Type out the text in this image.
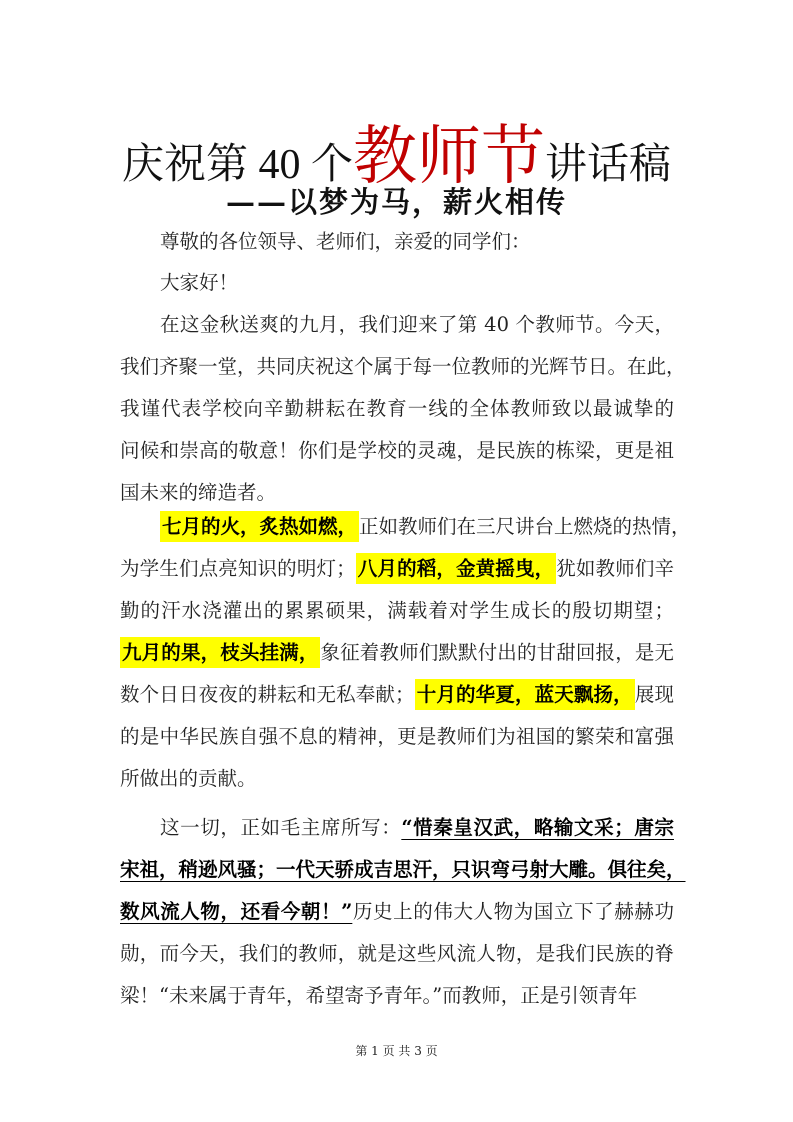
庆祝第 40 个教师节讲话稿
——以梦为马，薪火相传
尊敬的各位领导、老师们，亲爱的同学们：
大家好！
在这金秋送爽的九月，我们迎来了第 40 个教师节。今天，
我们齐聚一堂，共同庆祝这个属于每一位教师的光辉节日。在此，
我谨代表学校向辛勤耕耘在教育一线的全体教师致以最诚挚的
问候和崇高的敬意！你们是学校的灵魂，是民族的栋梁，更是祖
国未来的缔造者。
七月的火，炙热如燃， 正如教师们在三尺讲台上燃烧的热情，
为学生们点亮知识的明灯； 八月的稻，金黄摇曳， 犹如教师们辛
勤的汗水浇灌出的累累硕果，满载着对学生成长的殷切期望；
九月的果，枝头挂满， 象征着教师们默默付出的甘甜回报，是无
数个日日夜夜的耕耘和无私奉献； 十月的华夏，蓝天飘扬， 展现
的是中华民族自强不息的精神，更是教师们为祖国的繁荣和富强
所做出的贡献。
这一切，正如毛主席所写：“惜秦皇汉武，略输文采；唐宗
宋祖，稍逊风骚；一代天骄成吉思汗，只识弯弓射大雕。俱往矣，
数风流人物，还看今朝！”历史上的伟大人物为国立下了赫赫功
勋，而今天，我们的教师，就是这些风流人物，是我们民族的脊
梁！“未来属于青年，希望寄予青年。”而教师，正是引领青年
第 1 页 共 3 页
